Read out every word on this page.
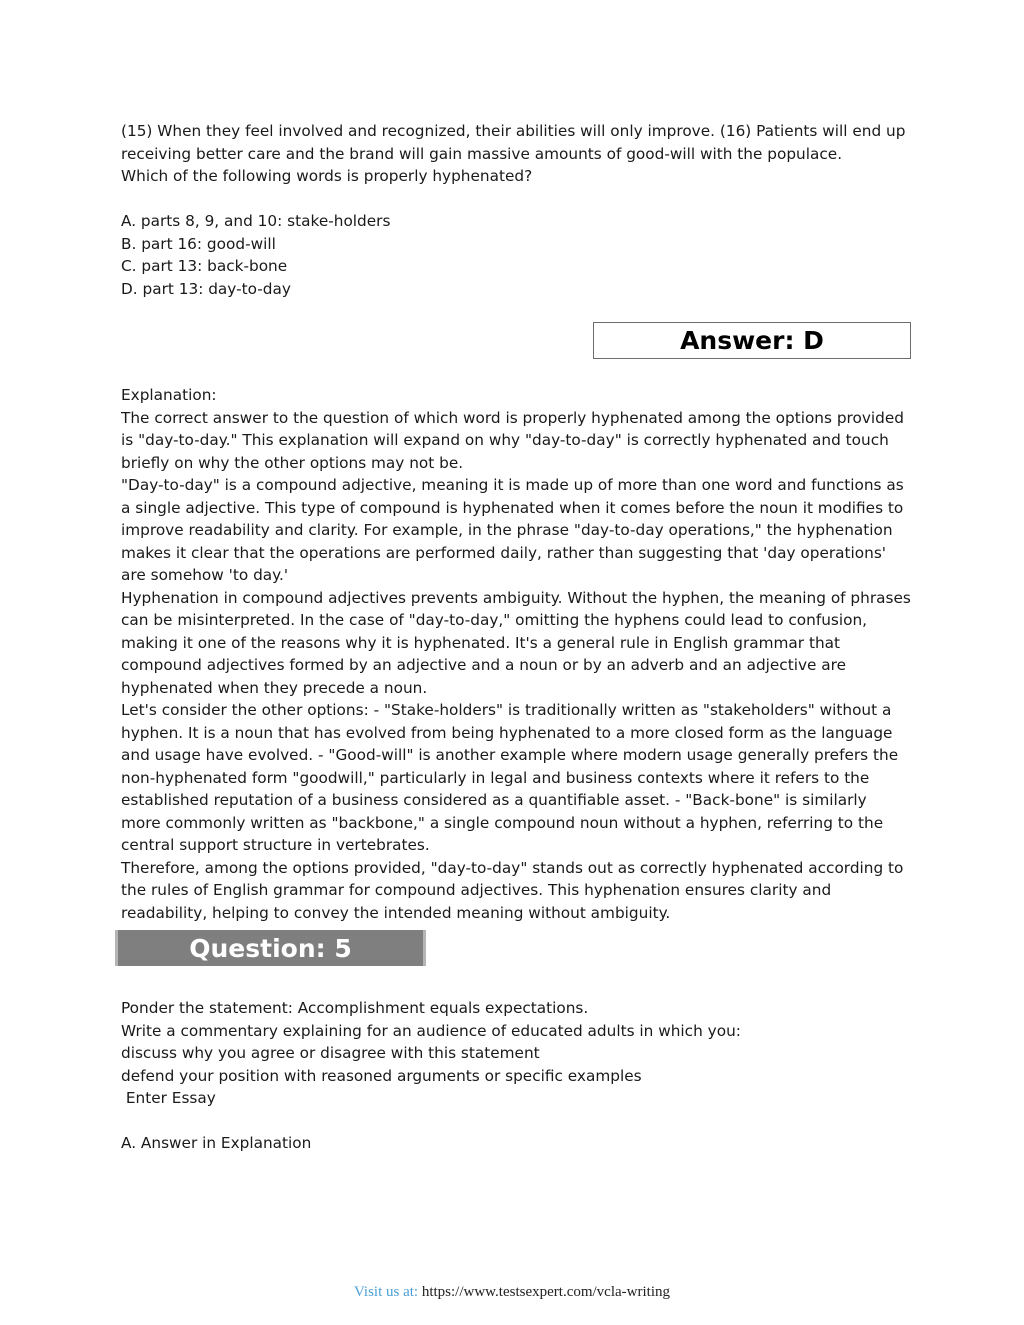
(15) When they feel involved and recognized, their abilities will only improve. (16) Patients will end up receiving better care and the brand will gain massive amounts of good-will with the populace.

Which of the following words is properly hyphenated?

A. parts 8, 9, and 10: stake-holders

B. part 16: good-will

C. part 13: back-bone

D. part 13: day-to-day

Answer: D

Explanation:

The correct answer to the question of which word is properly hyphenated among the options provided is "day-to-day." This explanation will expand on why "day-to-day" is correctly hyphenated and touch briefly on why the other options may not be.

"Day-to-day" is a compound adjective, meaning it is made up of more than one word and functions as a single adjective. This type of compound is hyphenated when it comes before the noun it modifies to improve readability and clarity. For example, in the phrase "day-to-day operations," the hyphenation makes it clear that the operations are performed daily, rather than suggesting that 'day operations' are somehow 'to day.'

Hyphenation in compound adjectives prevents ambiguity. Without the hyphen, the meaning of phrases can be misinterpreted. In the case of "day-to-day," omitting the hyphens could lead to confusion, making it one of the reasons why it is hyphenated. It's a general rule in English grammar that compound adjectives formed by an adjective and a noun or by an adverb and an adjective are hyphenated when they precede a noun.

Let's consider the other options: - "Stake-holders" is traditionally written as "stakeholders" without a hyphen. It is a noun that has evolved from being hyphenated to a more closed form as the language and usage have evolved. - "Good-will" is another example where modern usage generally prefers the non-hyphenated form "goodwill," particularly in legal and business contexts where it refers to the established reputation of a business considered as a quantifiable asset. - "Back-bone" is similarly more commonly written as "backbone," a single compound noun without a hyphen, referring to the central support structure in vertebrates.

Therefore, among the options provided, "day-to-day" stands out as correctly hyphenated according to the rules of English grammar for compound adjectives. This hyphenation ensures clarity and readability, helping to convey the intended meaning without ambiguity.

Question: 5

Ponder the statement: Accomplishment equals expectations.

Write a commentary explaining for an audience of educated adults in which you:

discuss why you agree or disagree with this statement

defend your position with reasoned arguments or specific examples

Enter Essay

A. Answer in Explanation

Visit us at: https://www.testsexpert.com/vcla-writing
